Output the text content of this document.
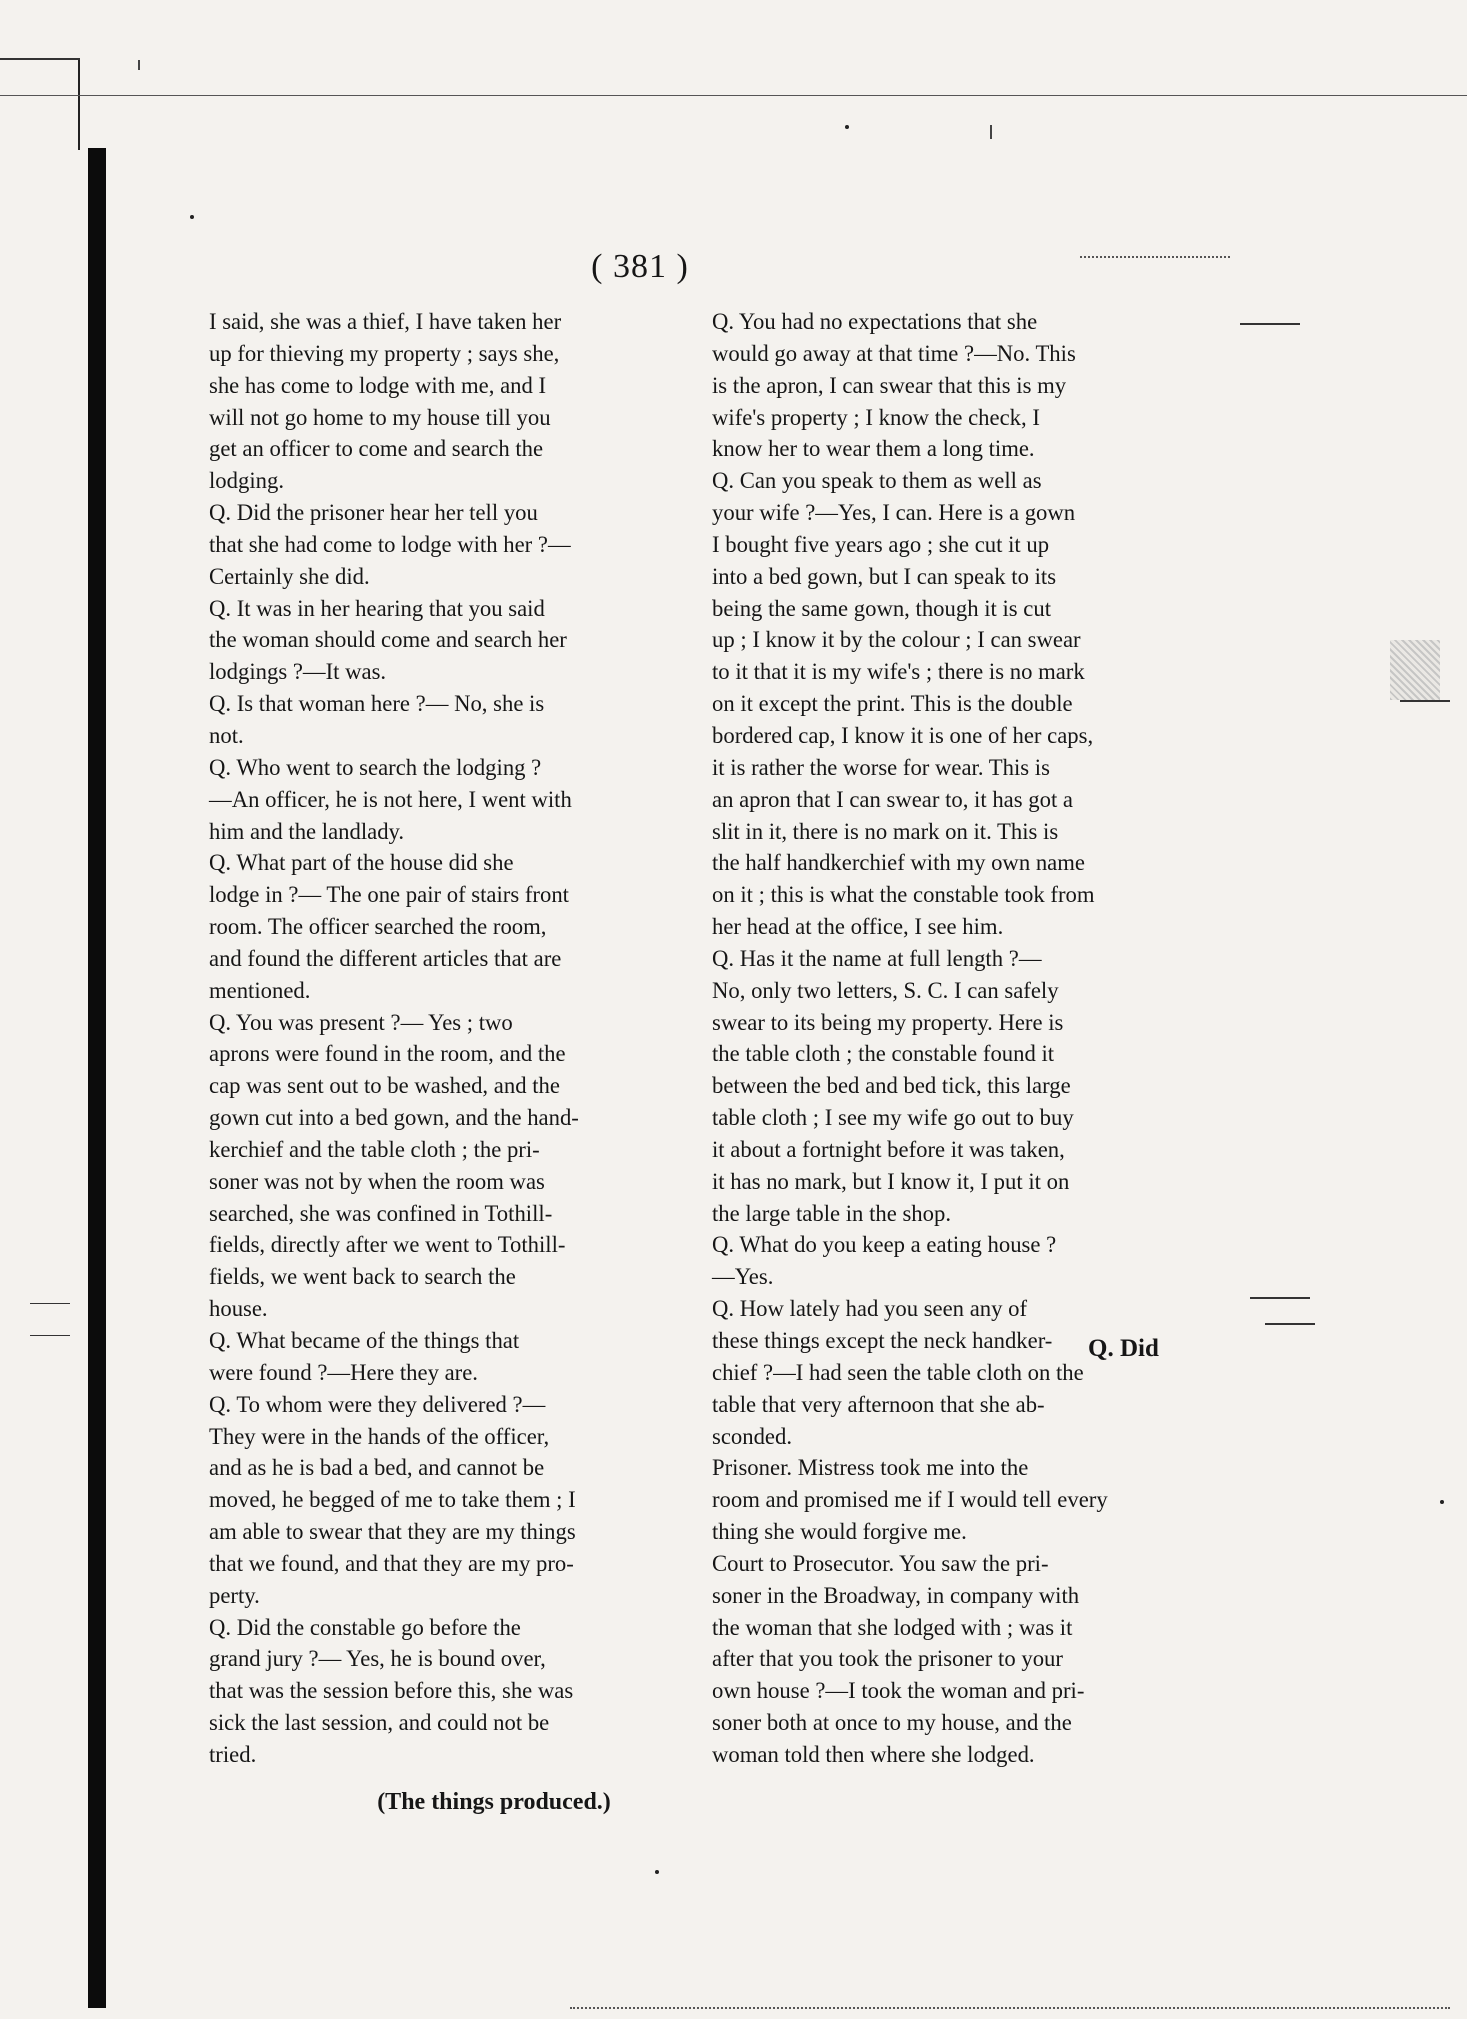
( 381 )

I said, she was a thief, I have taken her

up for thieving my property ; says she,

she has come to lodge with me, and I

will not go home to my house till you

get an officer to come and search the

lodging.

Q. Did the prisoner hear her tell you

that she had come to lodge with her ?—

Certainly she did.

Q. It was in her hearing that you said

the woman should come and search her

lodgings ?—It was.

Q. Is that woman here ?— No, she is

not.

Q. Who went to search the lodging ?

—An officer, he is not here, I went with

him and the landlady.

Q. What part of the house did she

lodge in ?— The one pair of stairs front

room. The officer searched the room,

and found the different articles that are

mentioned.

Q. You was present ?— Yes ; two

aprons were found in the room, and the

cap was sent out to be washed, and the

gown cut into a bed gown, and the hand-

kerchief and the table cloth ; the pri-

soner was not by when the room was

searched, she was confined in Tothill-

fields, directly after we went to Tothill-

fields, we went back to search the

house.

Q. What became of the things that

were found ?—Here they are.

Q. To whom were they delivered ?—

They were in the hands of the officer,

and as he is bad a bed, and cannot be

moved, he begged of me to take them ; I

am able to swear that they are my things

that we found, and that they are my pro-

perty.

Q. Did the constable go before the

grand jury ?— Yes, he is bound over,

that was the session before this, she was

sick the last session, and could not be

tried.

(The things produced.)

Q. You had no expectations that she

would go away at that time ?—No. This

is the apron, I can swear that this is my

wife's property ; I know the check, I

know her to wear them a long time.

Q. Can you speak to them as well as

your wife ?—Yes, I can. Here is a gown

I bought five years ago ; she cut it up

into a bed gown, but I can speak to its

being the same gown, though it is cut

up ; I know it by the colour ; I can swear

to it that it is my wife's ; there is no mark

on it except the print. This is the double

bordered cap, I know it is one of her caps,

it is rather the worse for wear. This is

an apron that I can swear to, it has got a

slit in it, there is no mark on it. This is

the half handkerchief with my own name

on it ; this is what the constable took from

her head at the office, I see him.

Q. Has it the name at full length ?—

No, only two letters, S. C. I can safely

swear to its being my property. Here is

the table cloth ; the constable found it

between the bed and bed tick, this large

table cloth ; I see my wife go out to buy

it about a fortnight before it was taken,

it has no mark, but I know it, I put it on

the large table in the shop.

Q. What do you keep a eating house ?

—Yes.

Q. How lately had you seen any of

these things except the neck handker-

chief ?—I had seen the table cloth on the

table that very afternoon that she ab-

sconded.

Prisoner. Mistress took me into the

room and promised me if I would tell every

thing she would forgive me.

Court to Prosecutor. You saw the pri-

soner in the Broadway, in company with

the woman that she lodged with ; was it

after that you took the prisoner to your

own house ?—I took the woman and pri-

soner both at once to my house, and the

woman told then where she lodged.

Q. Did
